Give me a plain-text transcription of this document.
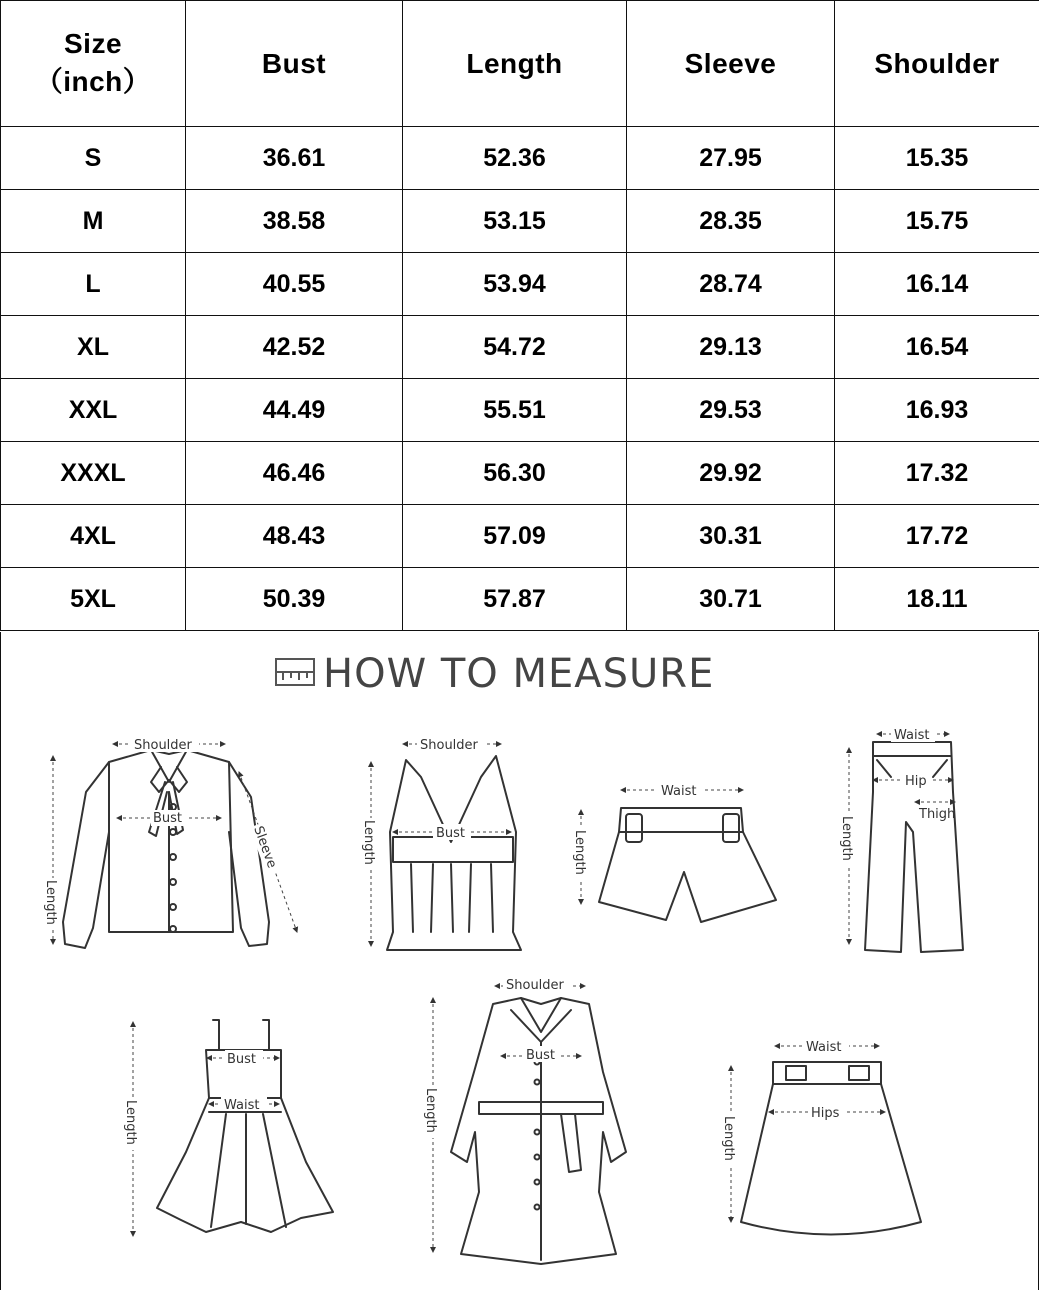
Size
（inch）	Bust	Length	Sleeve	Shoulder
S	36.61	52.36	27.95	15.35
M	38.58	53.15	28.35	15.75
L	40.55	53.94	28.74	16.14
XL	42.52	54.72	29.13	16.54
XXL	44.49	55.51	29.53	16.93
XXXL	46.46	56.30	29.92	17.32
4XL	48.43	57.09	30.31	17.72
5XL	50.39	57.87	30.71	18.11
HOW TO MEASURE
Shoulder
Bust
Length
Sleeve
Shoulder
Bust
Length
Waist
Length
Waist
Hip
Thigh
Length
Bust
Waist
Length
Shoulder
Bust
Length
Waist
Hips
Length
